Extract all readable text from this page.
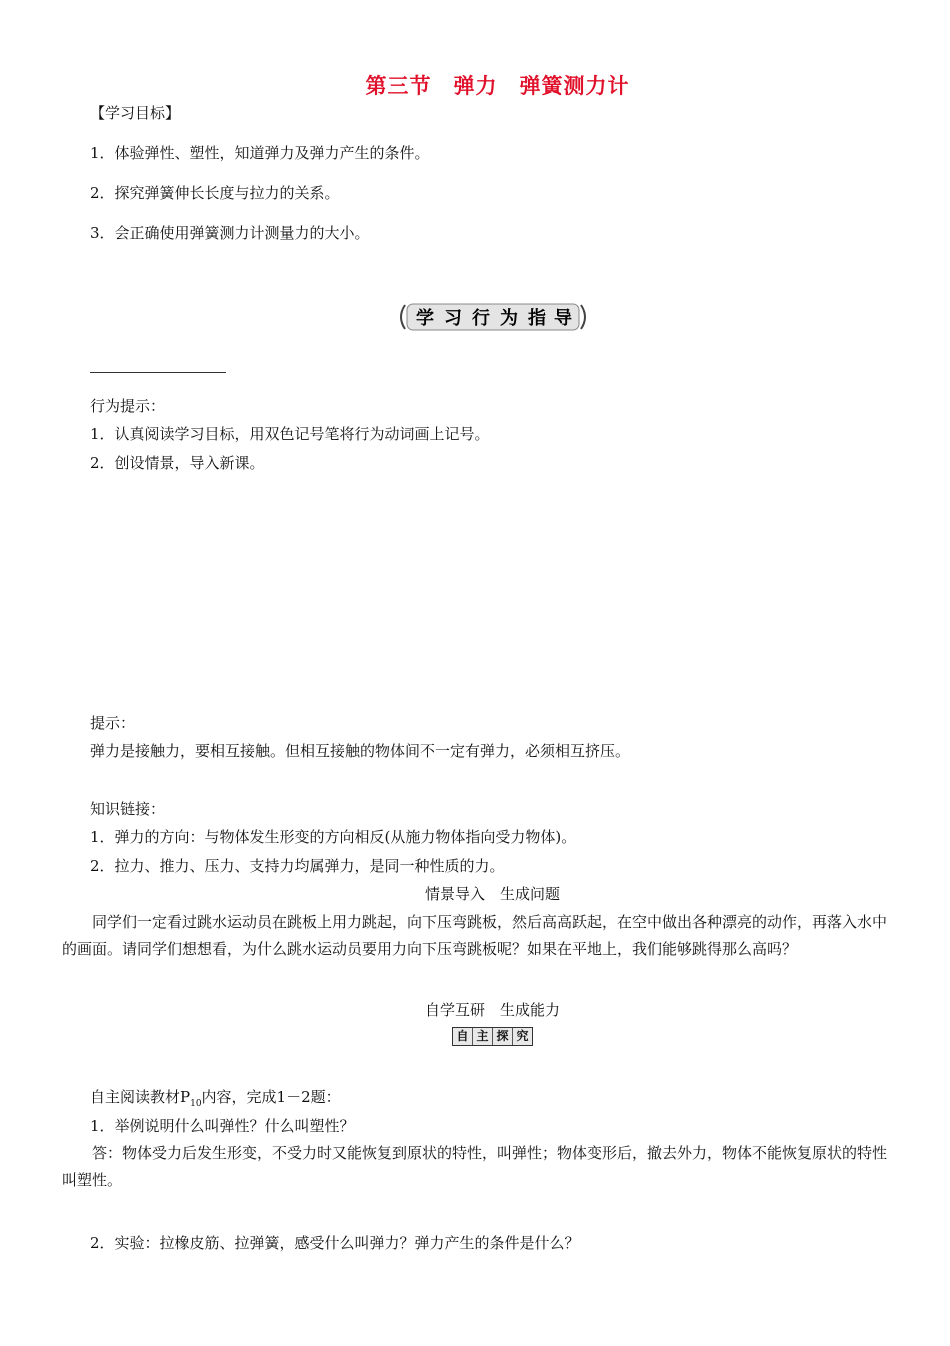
第三节　弹力　弹簧测力计
【学习目标】
1．体验弹性、塑性，知道弹力及弹力产生的条件。
2．探究弹簧伸长长度与拉力的关系。
3．会正确使用弹簧测力计测量力的大小。
学 习 行 为 指 导
行为提示：
1．认真阅读学习目标，用双色记号笔将行为动词画上记号。
2．创设情景，导入新课。
提示：
弹力是接触力，要相互接触。但相互接触的物体间不一定有弹力，必须相互挤压。
知识链接：
1．弹力的方向：与物体发生形变的方向相反(从施力物体指向受力物体)。
2．拉力、推力、压力、支持力均属弹力，是同一种性质的力。
情景导入　生成问题
　　同学们一定看过跳水运动员在跳板上用力跳起，向下压弯跳板，然后高高跃起，在空中做出各种漂亮的动作，再落入水中的画面。请同学们想想看，为什么跳水运动员要用力向下压弯跳板呢？如果在平地上，我们能够跳得那么高吗？
自学互研　生成能力
自 主 探 究
自主阅读教材$P_{10}$内容，完成1－2题：
1．举例说明什么叫弹性？什么叫塑性？
　　答：物体受力后发生形变，不受力时又能恢复到原状的特性，叫弹性；物体变形后，撤去外力，物体不能恢复原状的特性叫塑性。
2．实验：拉橡皮筋、拉弹簧，感受什么叫弹力？弹力产生的条件是什么？
